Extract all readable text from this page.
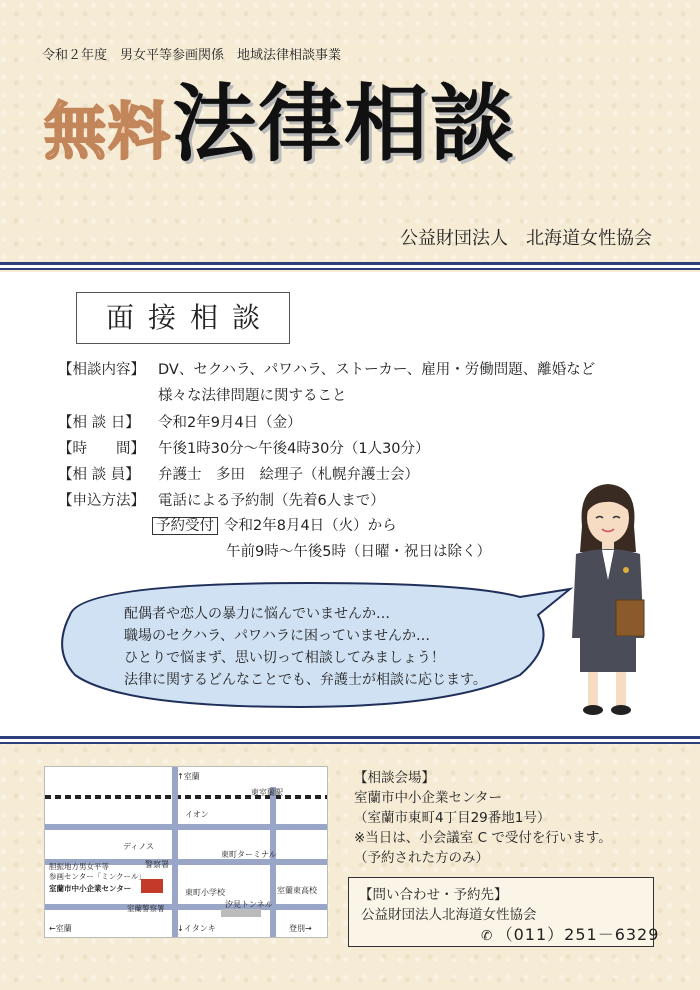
令和２年度　男女平等参画関係　地域法律相談事業
無料法律相談
公益財団法人　北海道女性協会
面接相談
【相談内容】 DV、セクハラ、パワハラ、ストーカー、雇用・労働問題、離婚など
様々な法律問題に関すること
【相 談 日】 令和2年9月4日（金）
【時　　間】 午後1時30分～午後4時30分（1人30分）
【相 談 員】 弁護士　多田　絵理子（札幌弁護士会）
【申込方法】 電話による予約制（先着6人まで）
予約受付 令和2年8月4日（火）から
午前9時～午後5時（日曜・祝日は除く）
配偶者や恋人の暴力に悩んでいませんか…
職場のセクハラ、パワハラに困っていませんか…
ひとりで悩まず、思い切って相談してみましょう！
法律に関するどんなことでも、弁護士が相談に応じます。
↑室蘭
東室蘭駅
イオン
ディノス
警察署
東町ターミナル
胆振地方男女平等
参画センター「ミンクール」
室蘭市中小企業センター	東町小学校	室蘭東高校
汐見トンネル
室蘭警察署
←室蘭	↓イタンキ	登別→
【相談会場】
室蘭市中小企業センター
（室蘭市東町4丁目29番地1号）
※当日は、小会議室 C で受付を行います。
（予約された方のみ）
【問い合わせ・予約先】
公益財団法人北海道女性協会
✆ （011）251－6329
